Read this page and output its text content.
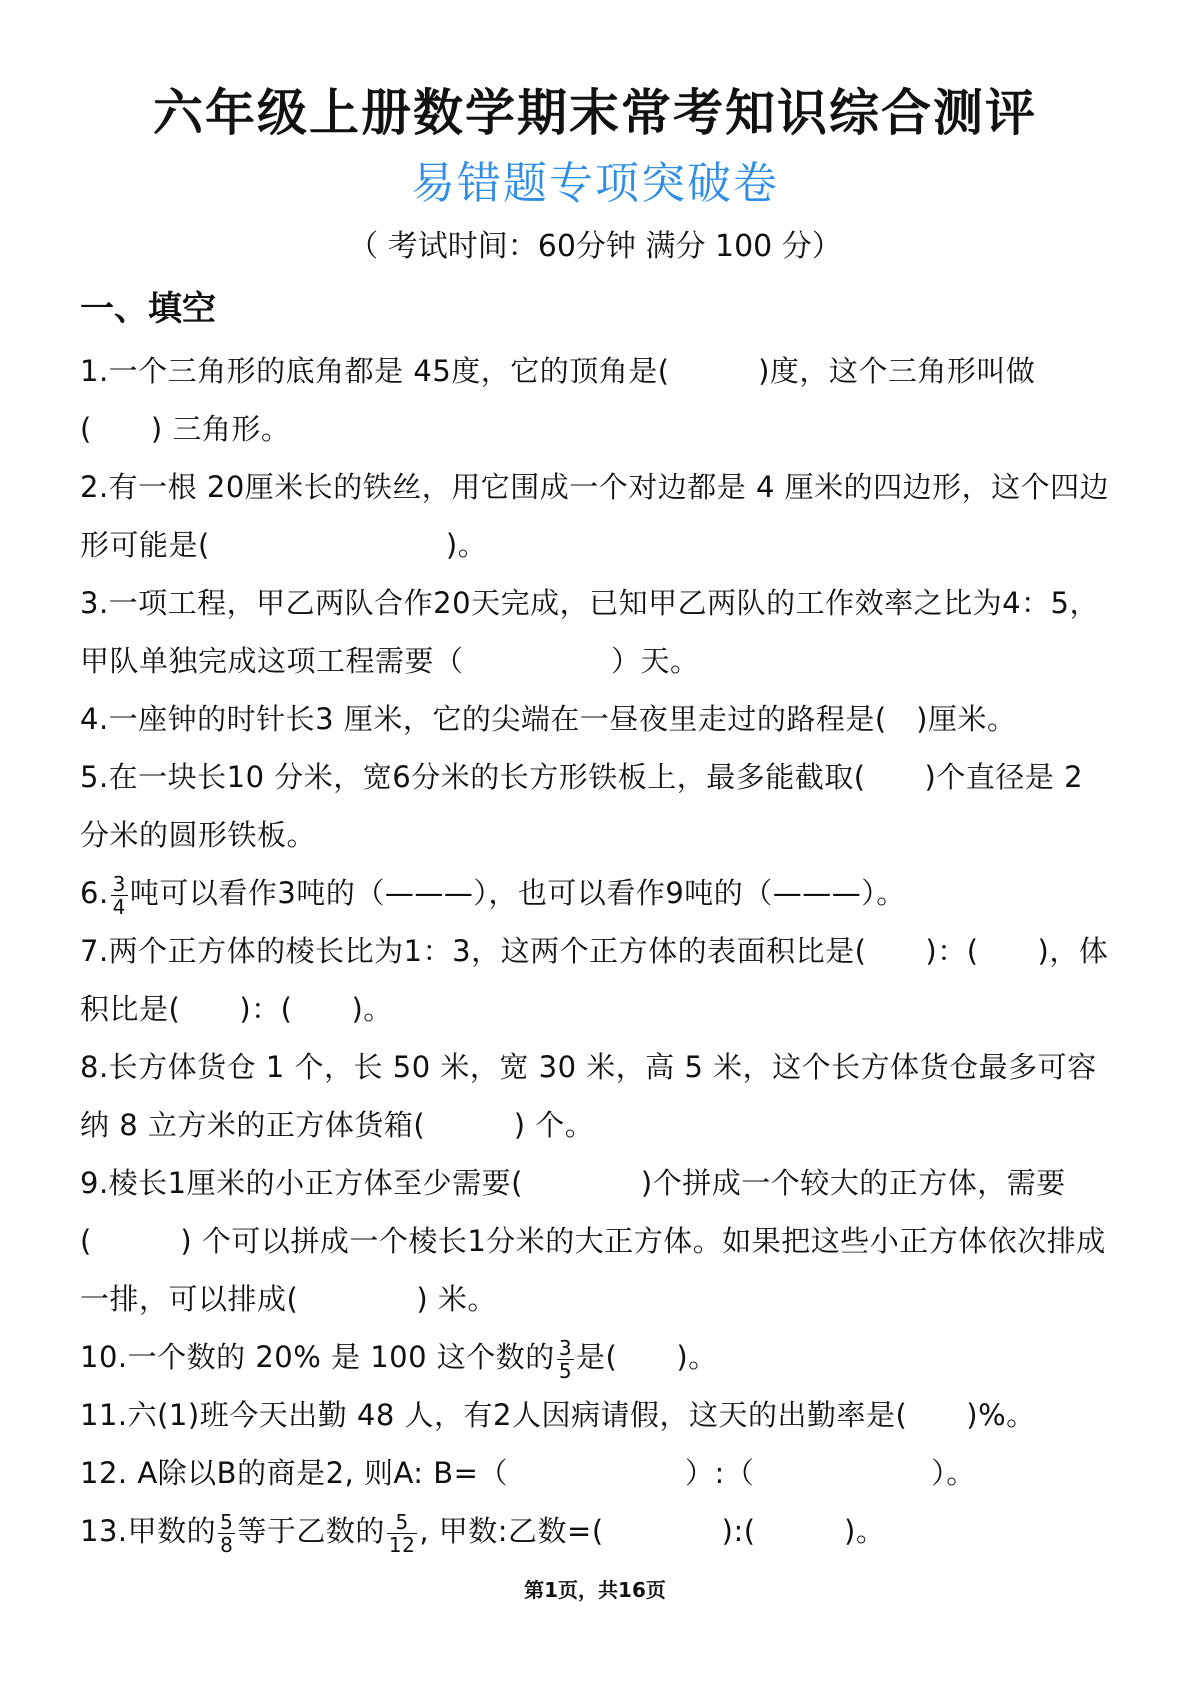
六年级上册数学期末常考知识综合测评
易错题专项突破卷
（ 考试时间：60分钟 满分 100 分）
一、填空

1.一个三角形的底角都是 45度，它的顶角是(　　　)度，这个三角形叫做(　　) 三角形。

2.有一根 20厘米长的铁丝，用它围成一个对边都是 4 厘米的四边形，这个四边形可能是(　　　　　　　　)。

3.一项工程，甲乙两队合作20天完成，已知甲乙两队的工作效率之比为4：5，甲队单独完成这项工程需要（　　　　　）天。

4.一座钟的时针长3 厘米，它的尖端在一昼夜里走过的路程是(　)厘米。

5.在一块长10 分米，宽6分米的长方形铁板上，最多能截取(　　)个直径是 2 分米的圆形铁板。

6. $\frac{3}{4}$ 吨可以看作3吨的（———），也可以看作9吨的（———）。

7.两个正方体的棱长比为1：3，这两个正方体的表面积比是(　　)：(　　)，体积比是(　　)：(　　)。

8.长方体货仓 1 个，长 50 米，宽 30 米，高 5 米，这个长方体货仓最多可容纳 8 立方米的正方体货箱(　　　) 个。

9.棱长1厘米的小正方体至少需要(　　　　)个拼成一个较大的正方体，需要(　　　) 个可以拼成一个棱长1分米的大正方体。如果把这些小正方体依次排成一排，可以排成(　　　　) 米。

10.一个数的 20% 是 100 这个数的 $\frac{3}{5}$ 是(　　)。

11.六(1)班今天出勤 48 人，有2人因病请假，这天的出勤率是(　　)%。

12. A除以B的商是2, 则A: B=（　　　　　　）:（　　　　　　）。

13.甲数的 $\frac{5}{8}$ 等于乙数的 $\frac{5}{12}$ , 甲数:乙数=(　　　　):(　　　)。

第1页，共16页
